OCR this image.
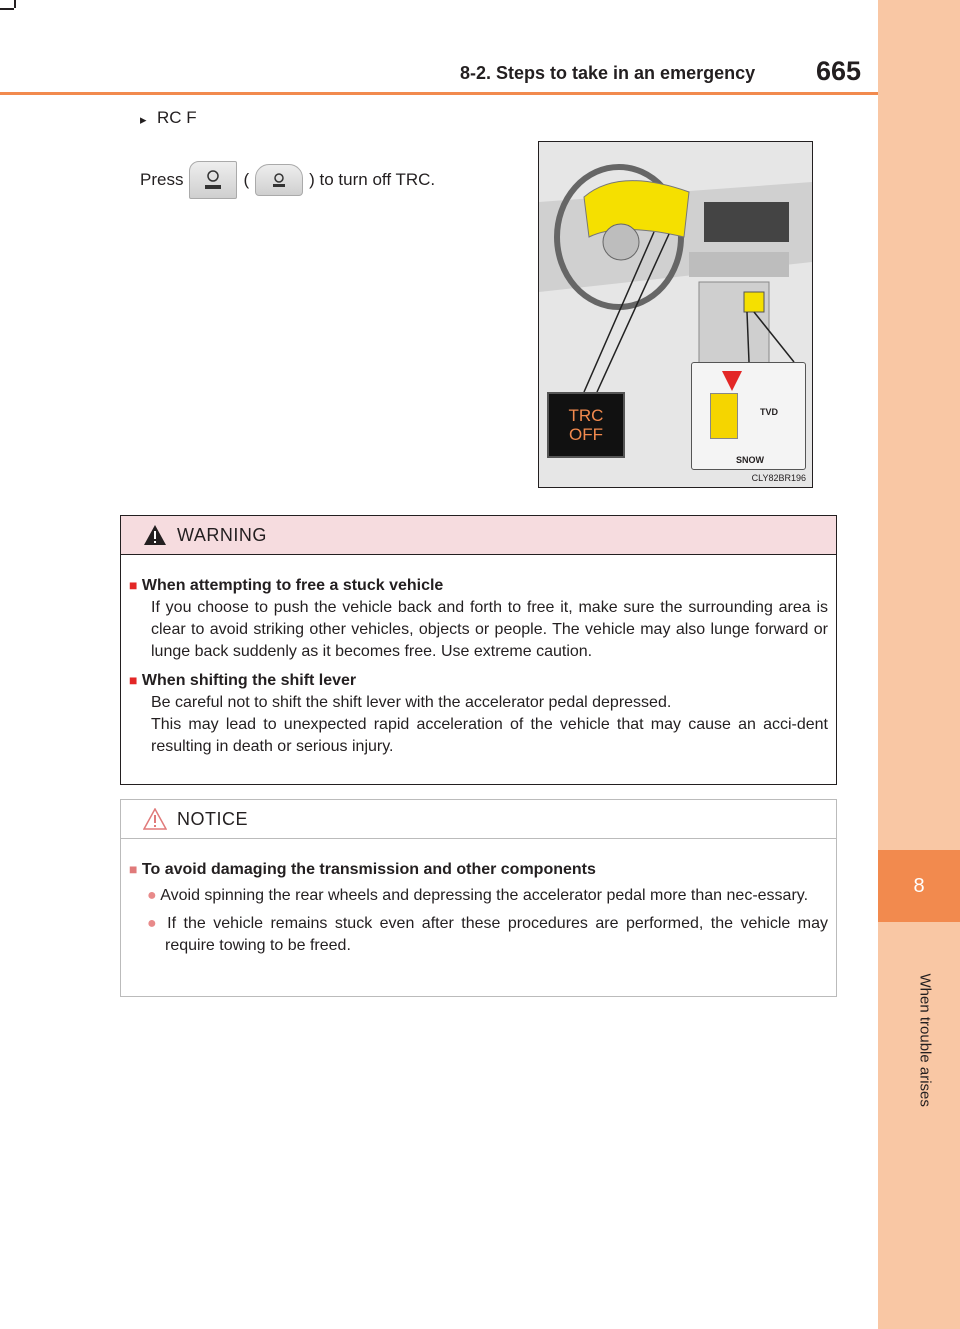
8
When trouble arises
8-2. Steps to take in an emergency 665
▸ RC F
Press	(	) to turn off TRC.
TRC
OFF
TVD
SNOW
CLY82BR196
WARNING
■ When attempting to free a stuck vehicle
If you choose to push the vehicle back and forth to free it, make sure the surrounding area is clear to avoid striking other vehicles, objects or people. The vehicle may also lunge forward or lunge back suddenly as it becomes free. Use extreme caution.
■ When shifting the shift lever
Be careful not to shift the shift lever with the accelerator pedal depressed.
This may lead to unexpected rapid acceleration of the vehicle that may cause an acci-dent resulting in death or serious injury.
NOTICE
■ To avoid damaging the transmission and other components
● Avoid spinning the rear wheels and depressing the accelerator pedal more than nec-essary.
● If the vehicle remains stuck even after these procedures are performed, the vehicle may require towing to be freed.
